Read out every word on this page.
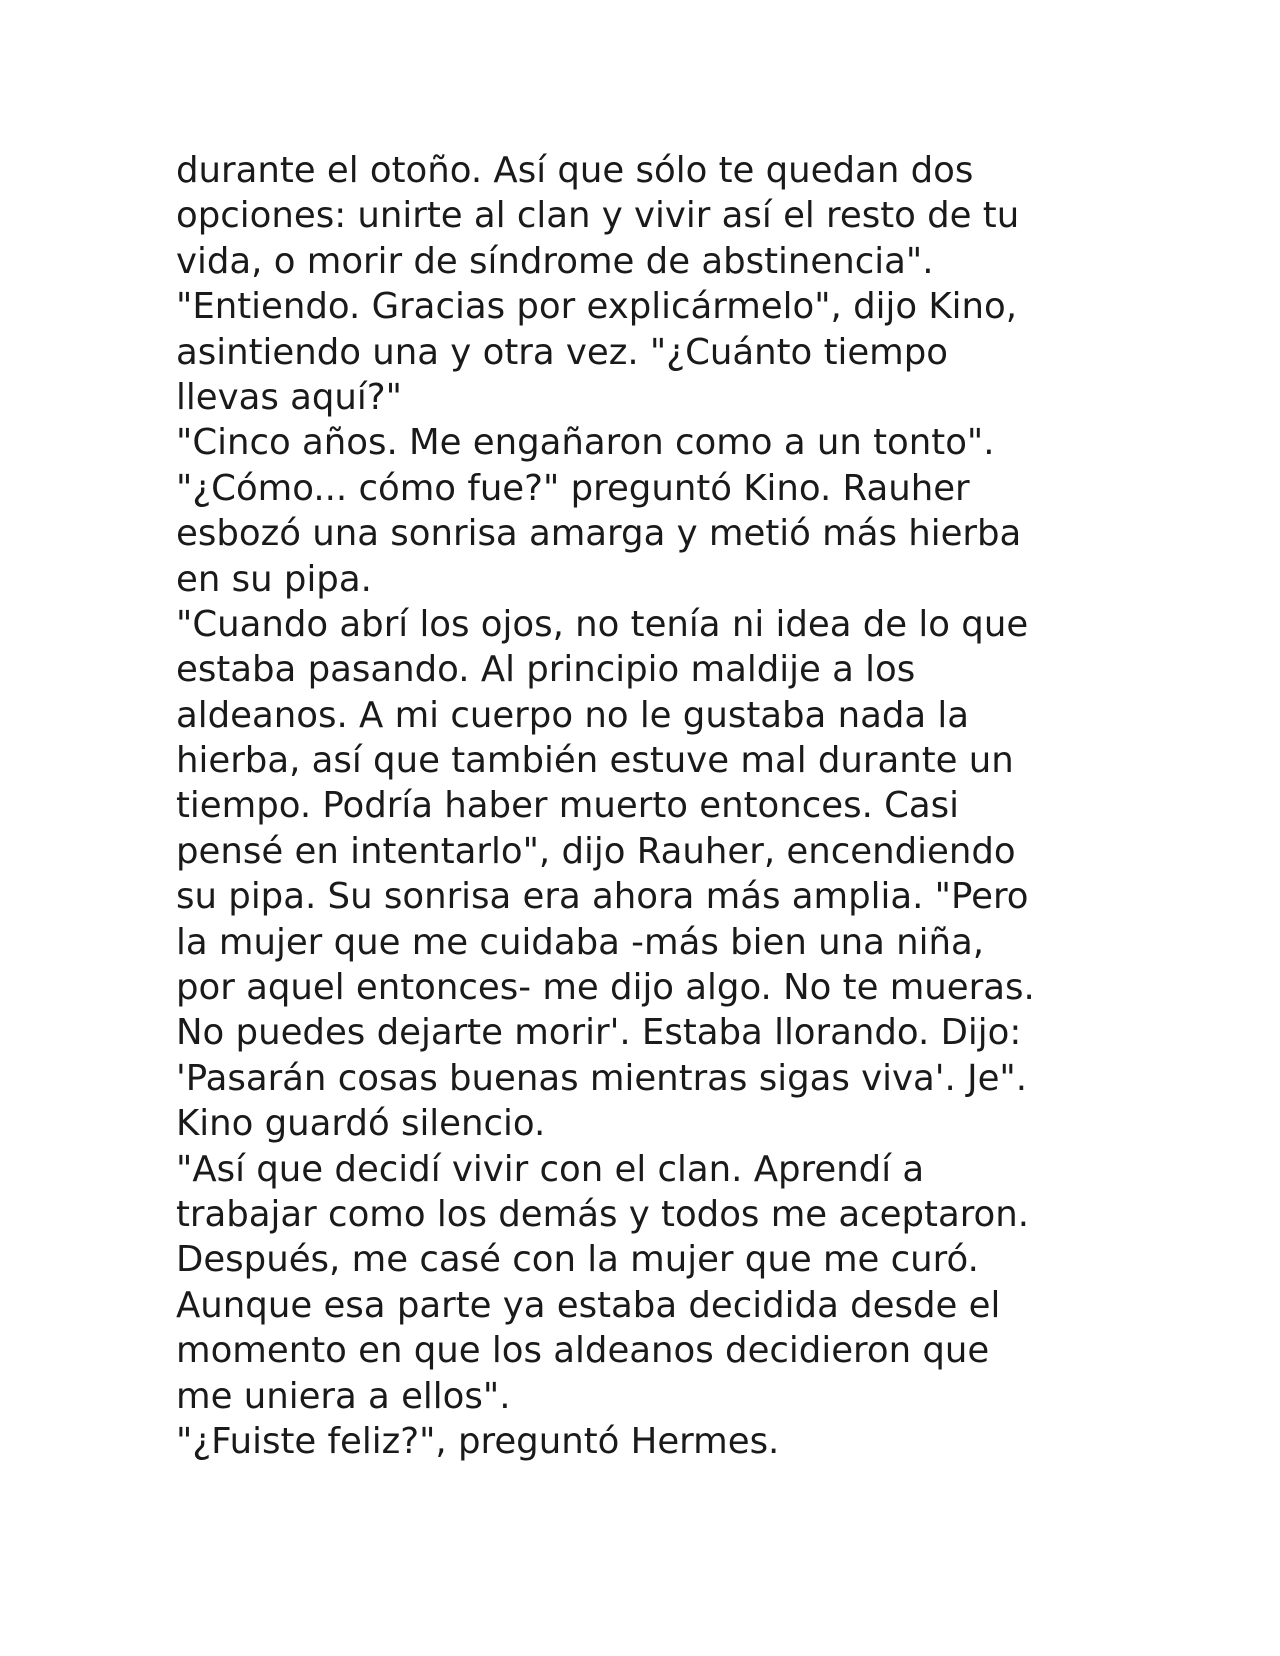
durante el otoño. Así que sólo te quedan dos
opciones: unirte al clan y vivir así el resto de tu
vida, o morir de síndrome de abstinencia".
"Entiendo. Gracias por explicármelo", dijo Kino,
asintiendo una y otra vez. "¿Cuánto tiempo
llevas aquí?"
"Cinco años. Me engañaron como a un tonto".
"¿Cómo... cómo fue?" preguntó Kino. Rauher
esbozó una sonrisa amarga y metió más hierba
en su pipa.
"Cuando abrí los ojos, no tenía ni idea de lo que
estaba pasando. Al principio maldije a los
aldeanos. A mi cuerpo no le gustaba nada la
hierba, así que también estuve mal durante un
tiempo. Podría haber muerto entonces. Casi
pensé en intentarlo", dijo Rauher, encendiendo
su pipa. Su sonrisa era ahora más amplia. "Pero
la mujer que me cuidaba -más bien una niña,
por aquel entonces- me dijo algo. No te mueras.
No puedes dejarte morir'. Estaba llorando. Dijo:
'Pasarán cosas buenas mientras sigas viva'. Je".
Kino guardó silencio.
"Así que decidí vivir con el clan. Aprendí a
trabajar como los demás y todos me aceptaron.
Después, me casé con la mujer que me curó.
Aunque esa parte ya estaba decidida desde el
momento en que los aldeanos decidieron que
me uniera a ellos".
"¿Fuiste feliz?", preguntó Hermes.
